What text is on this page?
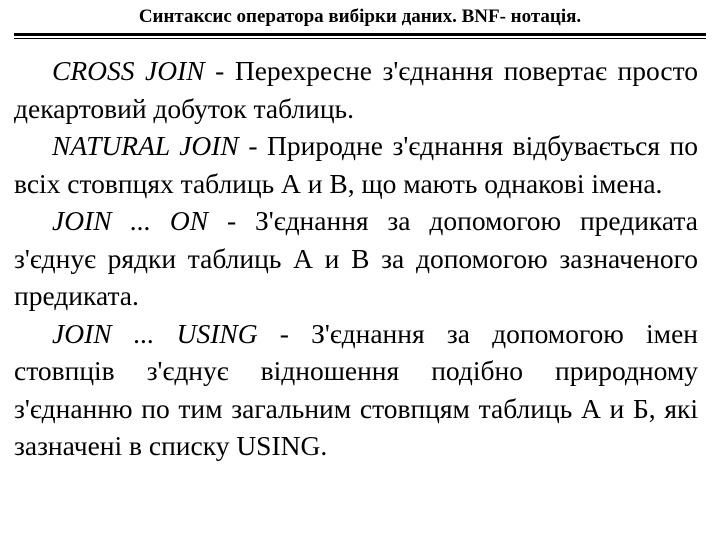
Синтаксис оператора вибірки даних. BNF- нотація.

CROSS JOIN - Перехресне з'єднання повертає просто декартовий добуток таблиць.

NATURAL JOIN - Природне з'єднання відбувається по всіх стовпцях таблиць А и В, що мають однакові імена.

JOIN ... ON - З'єднання за допомогою предиката з'єднує рядки таблиць А и В за допомогою зазначеного предиката.

JOIN ... USING - З'єднання за допомогою імен стовпців з'єднує відношення подібно природному з'єднанню по тим загальним стовпцям таблиць А и Б, які зазначені в списку USING.
